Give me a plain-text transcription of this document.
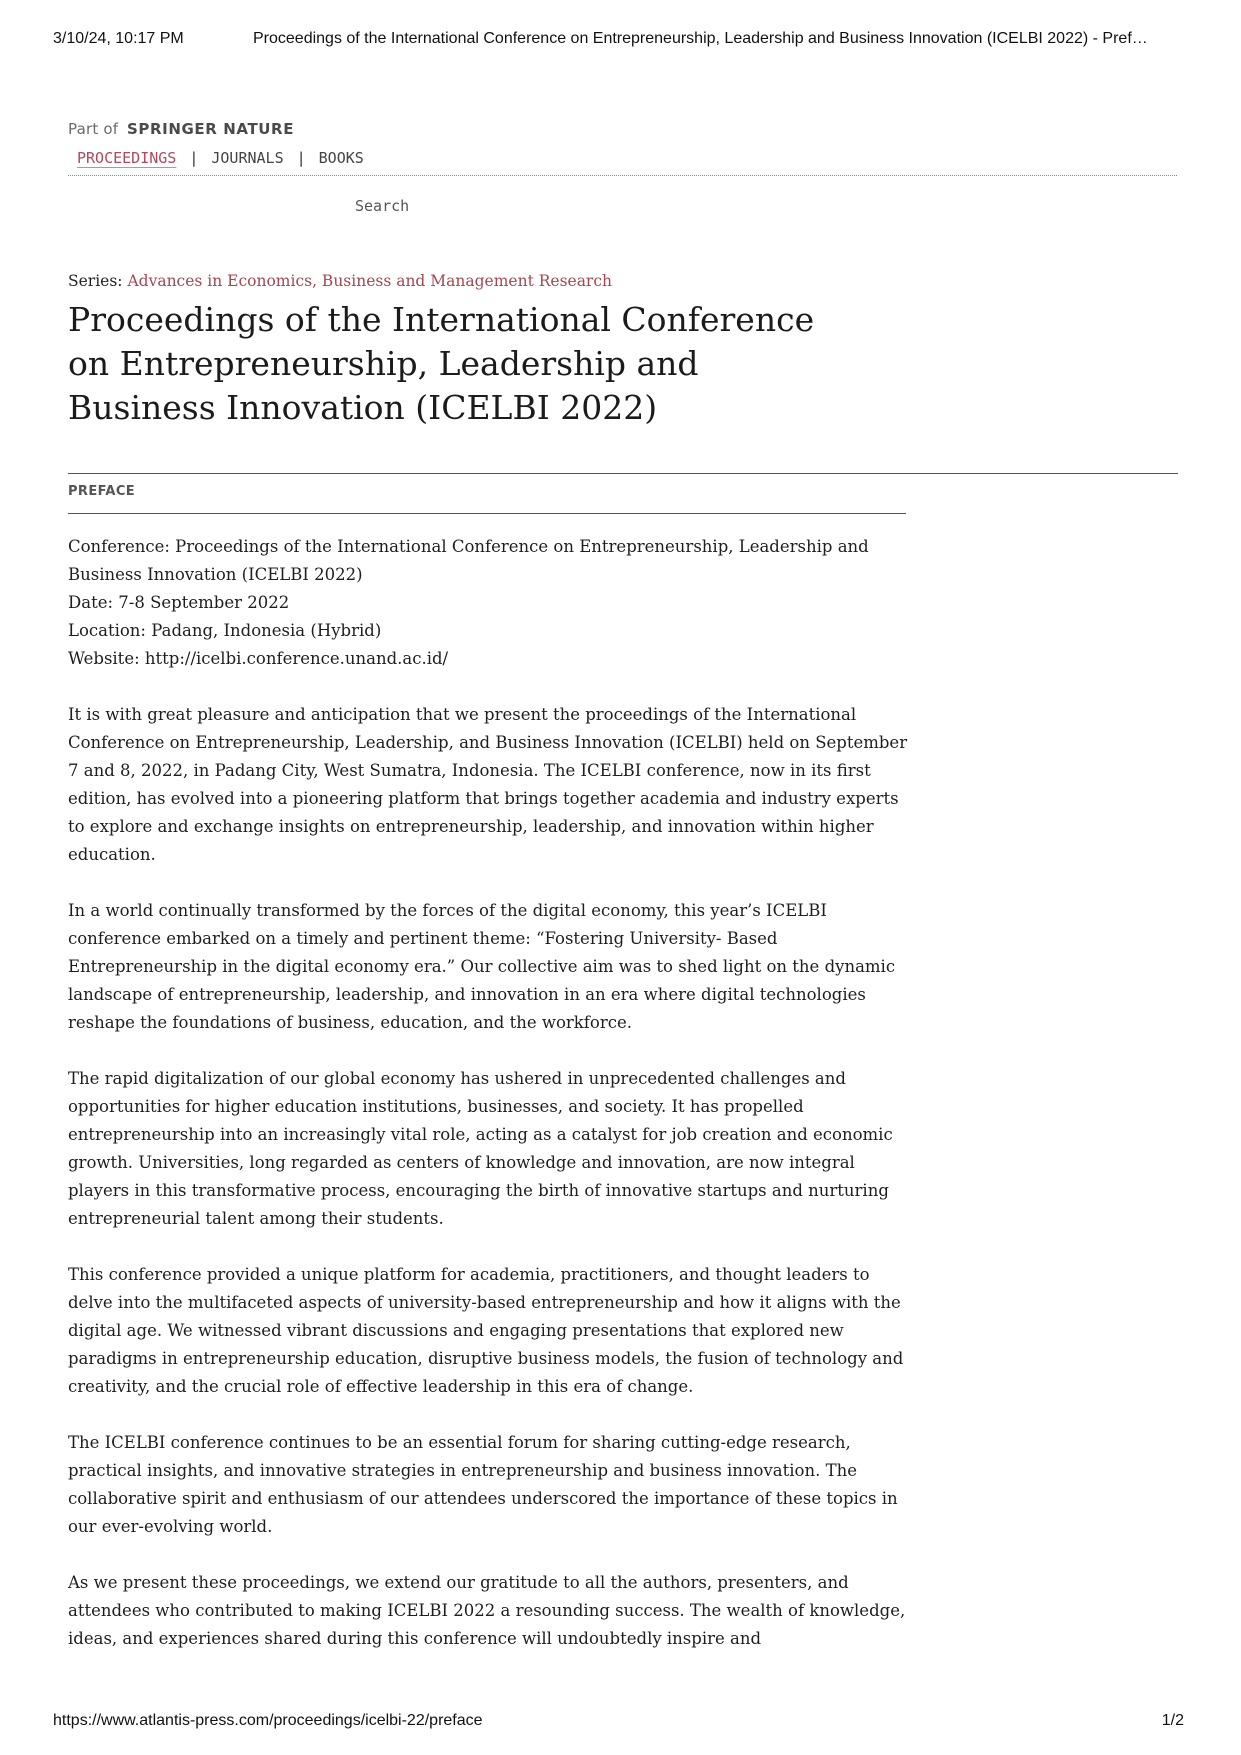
3/10/24, 10:17 PM	Proceedings of the International Conference on Entrepreneurship, Leadership and Business Innovation (ICELBI 2022) - Pref…
Part of SPRINGER NATURE
PROCEEDINGS | JOURNALS | BOOKS
Search
Series: Advances in Economics, Business and Management Research
Proceedings of the International Conference on Entrepreneurship, Leadership and Business Innovation (ICELBI 2022)
PREFACE

Conference: Proceedings of the International Conference on Entrepreneurship, Leadership and Business Innovation (ICELBI 2022)
Date: 7-8 September 2022
Location: Padang, Indonesia (Hybrid)
Website: http://icelbi.conference.unand.ac.id/

It is with great pleasure and anticipation that we present the proceedings of the International Conference on Entrepreneurship, Leadership, and Business Innovation (ICELBI) held on September 7 and 8, 2022, in Padang City, West Sumatra, Indonesia. The ICELBI conference, now in its first edition, has evolved into a pioneering platform that brings together academia and industry experts to explore and exchange insights on entrepreneurship, leadership, and innovation within higher education.

In a world continually transformed by the forces of the digital economy, this year’s ICELBI conference embarked on a timely and pertinent theme: “Fostering University- Based Entrepreneurship in the digital economy era.” Our collective aim was to shed light on the dynamic landscape of entrepreneurship, leadership, and innovation in an era where digital technologies reshape the foundations of business, education, and the workforce.

The rapid digitalization of our global economy has ushered in unprecedented challenges and opportunities for higher education institutions, businesses, and society. It has propelled entrepreneurship into an increasingly vital role, acting as a catalyst for job creation and economic growth. Universities, long regarded as centers of knowledge and innovation, are now integral players in this transformative process, encouraging the birth of innovative startups and nurturing entrepreneurial talent among their students.

This conference provided a unique platform for academia, practitioners, and thought leaders to delve into the multifaceted aspects of university-based entrepreneurship and how it aligns with the digital age. We witnessed vibrant discussions and engaging presentations that explored new paradigms in entrepreneurship education, disruptive business models, the fusion of technology and creativity, and the crucial role of effective leadership in this era of change.

The ICELBI conference continues to be an essential forum for sharing cutting-edge research, practical insights, and innovative strategies in entrepreneurship and business innovation. The collaborative spirit and enthusiasm of our attendees underscored the importance of these topics in our ever-evolving world.

As we present these proceedings, we extend our gratitude to all the authors, presenters, and attendees who contributed to making ICELBI 2022 a resounding success. The wealth of knowledge, ideas, and experiences shared during this conference will undoubtedly inspire and

https://www.atlantis-press.com/proceedings/icelbi-22/preface	1/2
